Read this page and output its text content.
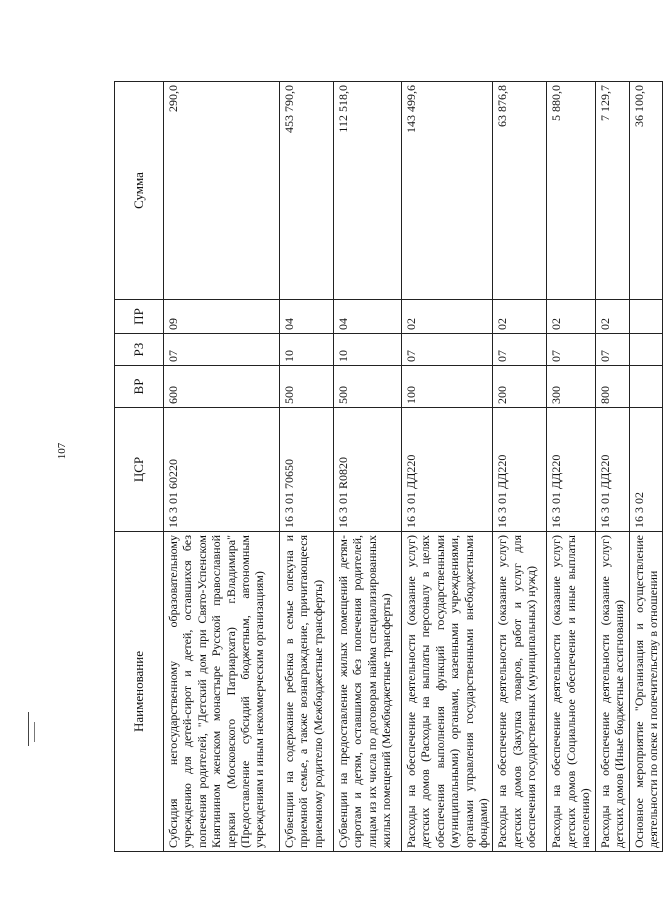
107
Наименование	ЦСР	ВР	РЗ	ПР	Сумма
Субсидия негосударственному образовательному учреждению для детей-сирот и детей, оставшихся без попечения родителей, "Детский дом при Свято-Успенском Княгинином женском монастыре Русской православной церкви (Московского Патриархата) г.Владимира" (Предоставление субсидий бюджетным, автономным учреждениям и иным некоммерческим организациям)	16 3 01 60220	600	07	09	290,0
Субвенции на содержание ребенка в семье опекуна и приемной семье, а также вознаграждение, причитающееся приемному родителю (Межбюджетные трансферты)	16 3 01 70650	500	10	04	453 790,0
Субвенции на предоставление жилых помещений детям-сиротам и детям, оставшимся без попечения родителей, лицам из их числа по договорам найма специализированных жилых помещений (Межбюджетные трансферты)	16 3 01 R0820	500	10	04	112 518,0
Расходы на обеспечение деятельности (оказание услуг) детских домов (Расходы на выплаты персоналу в целях обеспечения выполнения функций государственными (муниципальными) органами, казенными учреждениями, органами управления государственными внебюджетными фондами)	16 3 01 ДД220	100	07	02	143 499,6
Расходы на обеспечение деятельности (оказание услуг) детских домов (Закупка товаров, работ и услуг для обеспечения государственных (муниципальных) нужд)	16 3 01 ДД220	200	07	02	63 876,8
Расходы на обеспечение деятельности (оказание услуг) детских домов (Социальное обеспечение и иные выплаты населению)	16 3 01 ДД220	300	07	02	5 880,0
Расходы на обеспечение деятельности (оказание услуг) детских домов (Иные бюджетные ассигнования)	16 3 01 ДД220	800	07	02	7 129,7
Основное мероприятие "Организация и осуществление деятельности по опеке и попечительству в отношении	16 3 02				36 100,0
